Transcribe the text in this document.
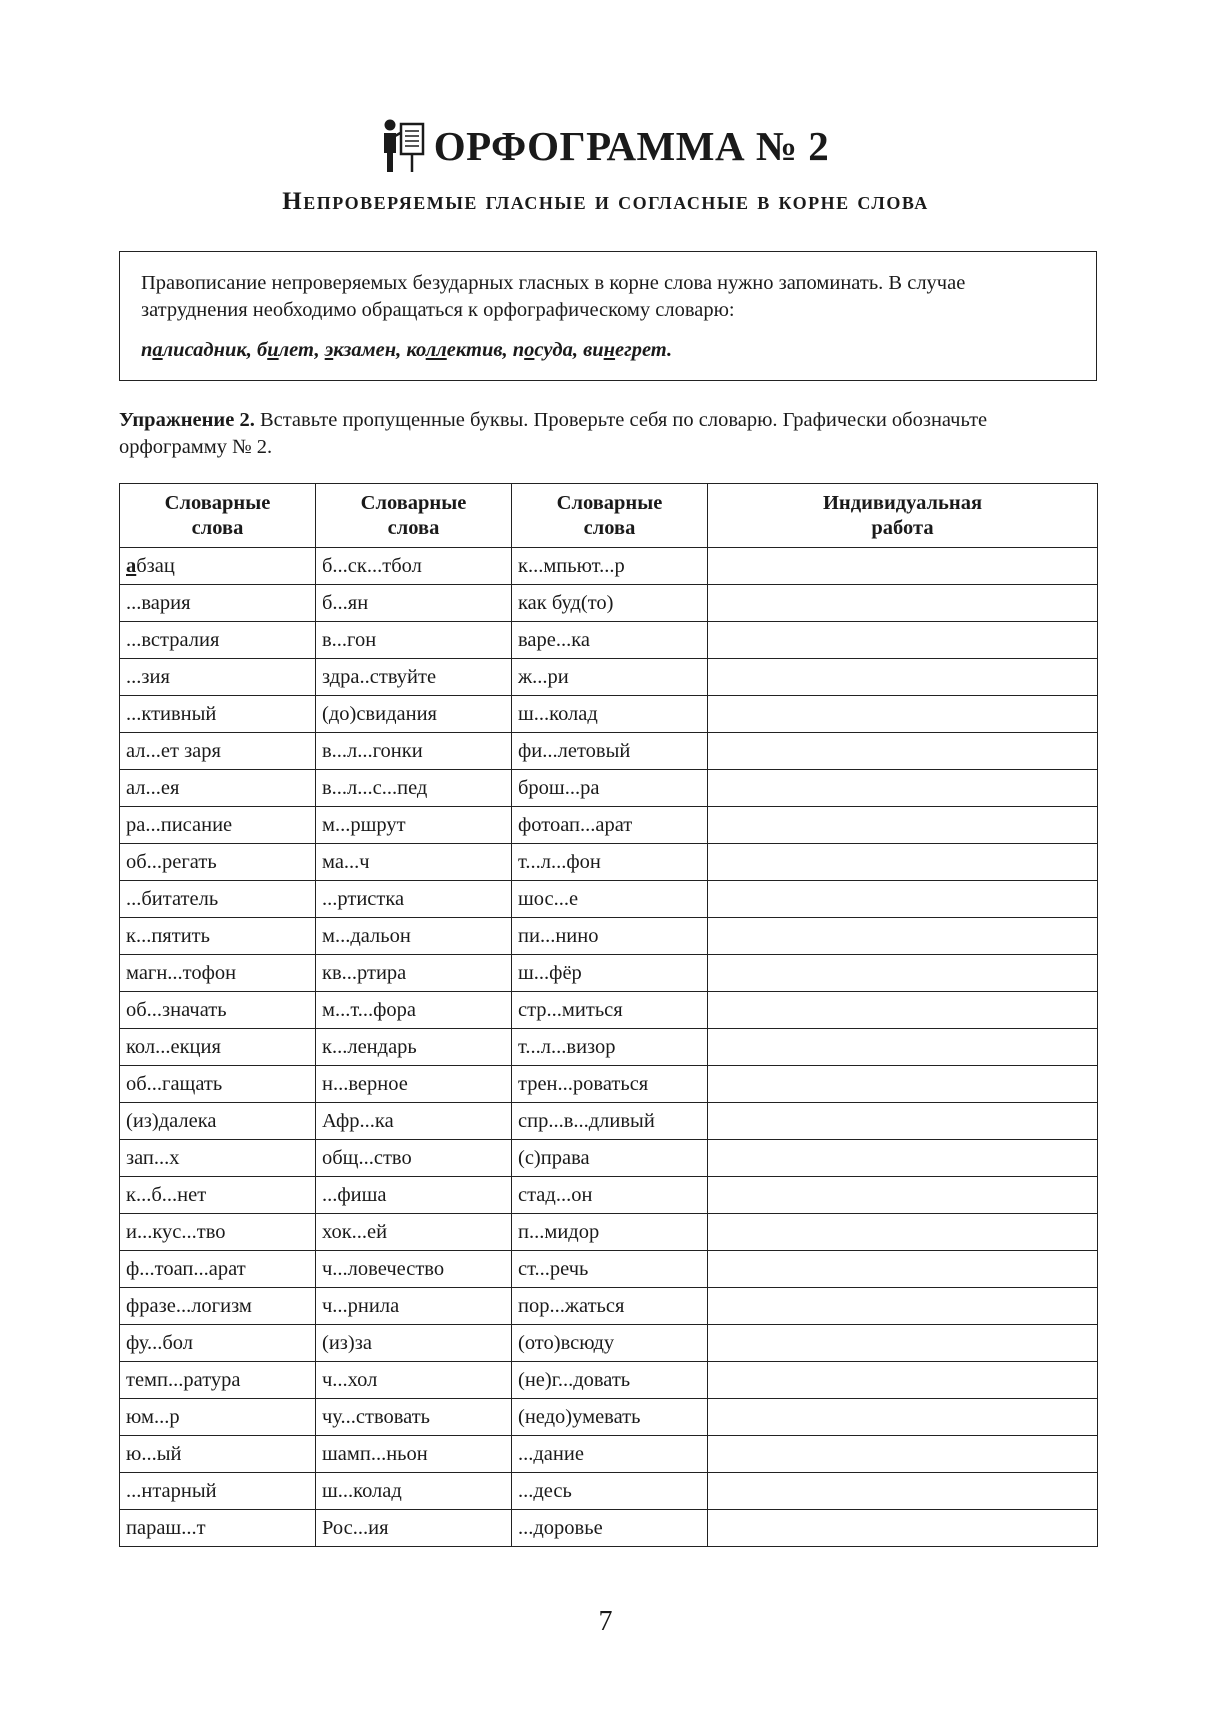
ОРФОГРАММА № 2
Непроверяемые гласные и согласные в корне слова

Правописание непроверяемых безударных гласных в корне слова нужно запоминать. В случае затруднения необходимо обращаться к орфографическому словарю:

палисадник, билет, экзамен, коллектив, посуда, винегрет.
Упражнение 2. Вставьте пропущенные буквы. Проверьте себя по словарю. Графически обозначьте орфограмму № 2.
Словарные
слова	Словарные
слова	Словарные
слова	Индивидуальная
работа
абзац	б...ск...тбол	к...мпьют...р	
...вария	б...ян	как буд(то)	
...встралия	в...гон	варе...ка	
...зия	здра..ствуйте	ж...ри	
...ктивный	(до)свидания	ш...колад	
ал...ет заря	в...л...гонки	фи...летовый	
ал...ея	в...л...с...пед	брош...ра	
ра...писание	м...ршрут	фотоап...арат	
об...регать	ма...ч	т...л...фон	
...битатель	...ртистка	шос...е	
к...пятить	м...дальон	пи...нино	
магн...тофон	кв...ртира	ш...фёр	
об...значать	м...т...фора	стр...миться	
кол...екция	к...лендарь	т...л...визор	
об...гащать	н...верное	трен...роваться	
(из)далека	Афр...ка	спр...в...дливый	
зап...х	общ...ство	(с)права	
к...б...нет	...фиша	стад...он	
и...кус...тво	хок...ей	п...мидор	
ф...тоап...арат	ч...ловечество	ст...речь	
фразе...логизм	ч...рнила	пор...жаться	
фу...бол	(из)за	(ото)всюду	
темп...ратура	ч...хол	(не)г...довать	
юм...р	чу...ствовать	(недо)умевать	
ю...ый	шамп...ньон	...дание	
...нтарный	ш...колад	...десь	
параш...т	Рос...ия	...доровье	
7
